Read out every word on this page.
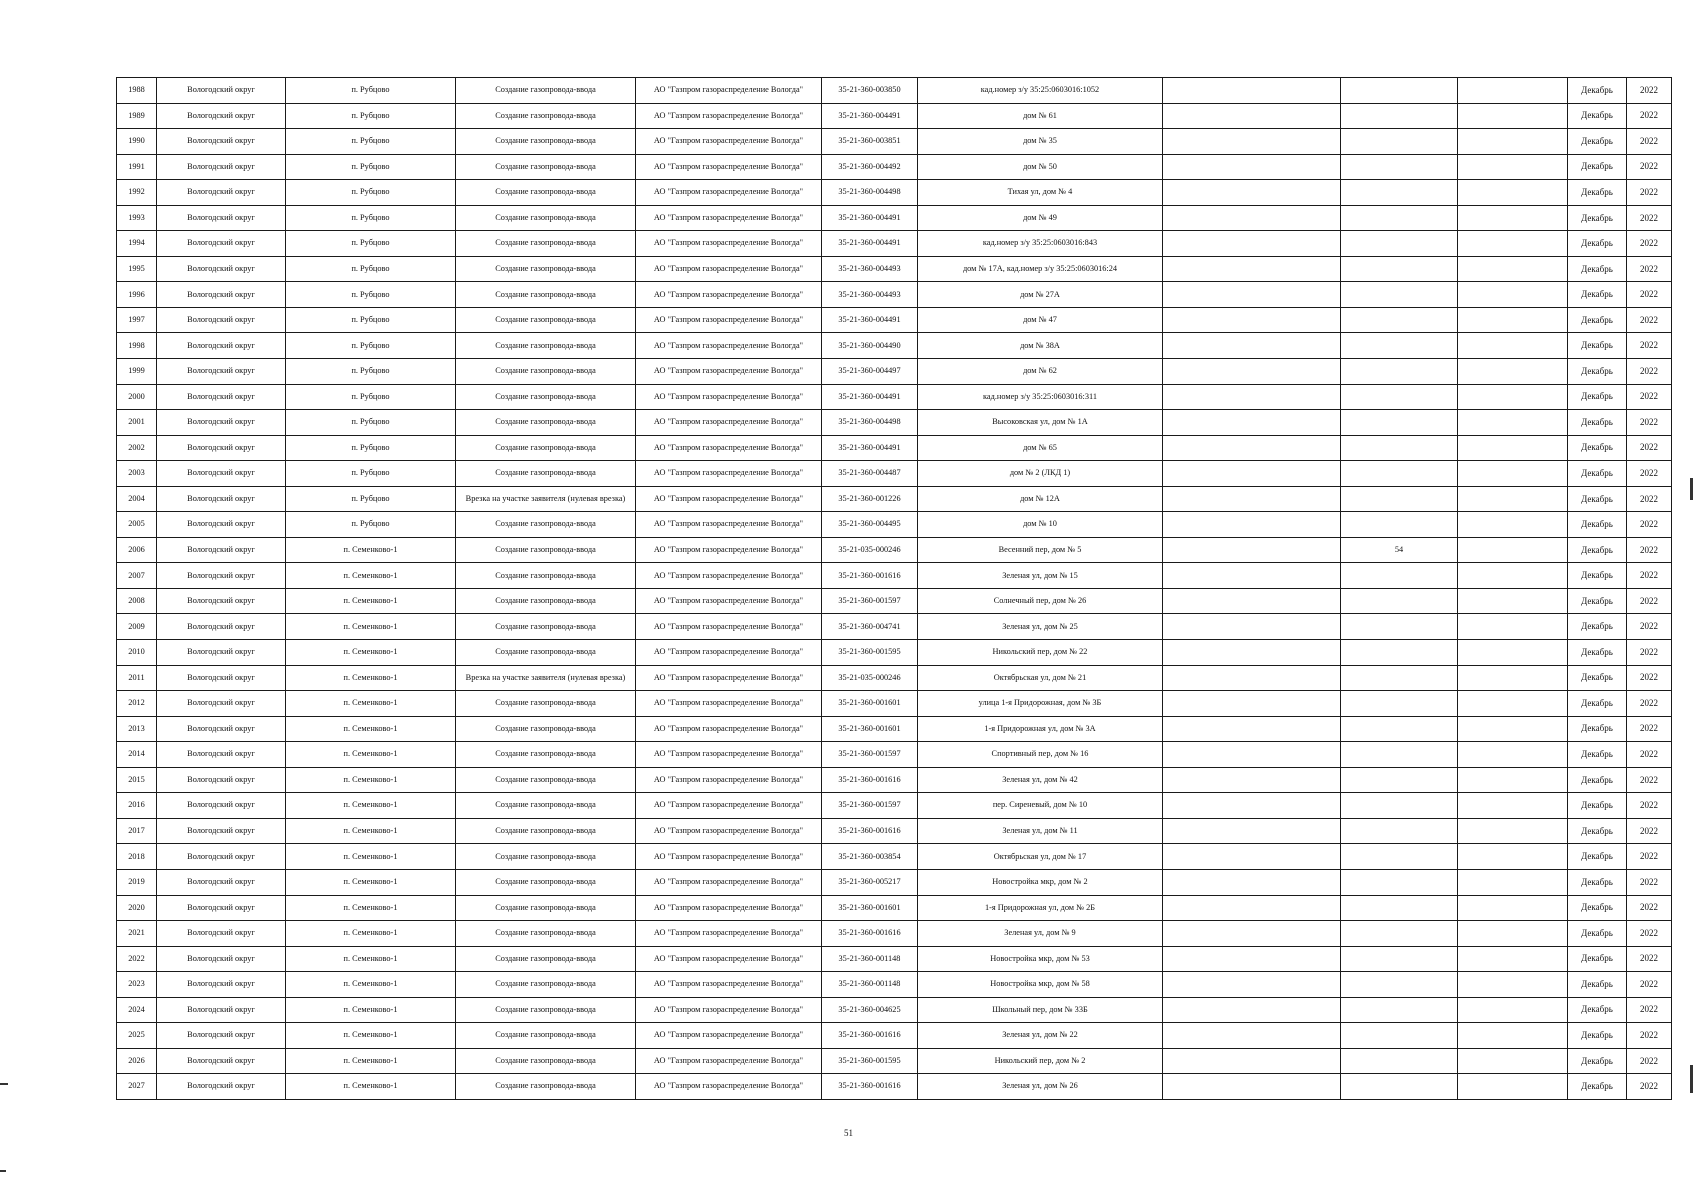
1988	Вологодский округ	п. Рубцово	Создание газопровода-ввода	АО "Газпром газораспределение Вологда"	35-21-360-003850	кад.номер з/у 35:25:0603016:1052				Декабрь	2022
1989	Вологодский округ	п. Рубцово	Создание газопровода-ввода	АО "Газпром газораспределение Вологда"	35-21-360-004491	дом № 61				Декабрь	2022
1990	Вологодский округ	п. Рубцово	Создание газопровода-ввода	АО "Газпром газораспределение Вологда"	35-21-360-003851	дом № 35				Декабрь	2022
1991	Вологодский округ	п. Рубцово	Создание газопровода-ввода	АО "Газпром газораспределение Вологда"	35-21-360-004492	дом № 50				Декабрь	2022
1992	Вологодский округ	п. Рубцово	Создание газопровода-ввода	АО "Газпром газораспределение Вологда"	35-21-360-004498	Тихая ул, дом № 4				Декабрь	2022
1993	Вологодский округ	п. Рубцово	Создание газопровода-ввода	АО "Газпром газораспределение Вологда"	35-21-360-004491	дом № 49				Декабрь	2022
1994	Вологодский округ	п. Рубцово	Создание газопровода-ввода	АО "Газпром газораспределение Вологда"	35-21-360-004491	кад.номер з/у 35:25:0603016:843				Декабрь	2022
1995	Вологодский округ	п. Рубцово	Создание газопровода-ввода	АО "Газпром газораспределение Вологда"	35-21-360-004493	дом № 17А, кад.номер з/у 35:25:0603016:24				Декабрь	2022
1996	Вологодский округ	п. Рубцово	Создание газопровода-ввода	АО "Газпром газораспределение Вологда"	35-21-360-004493	дом № 27А				Декабрь	2022
1997	Вологодский округ	п. Рубцово	Создание газопровода-ввода	АО "Газпром газораспределение Вологда"	35-21-360-004491	дом № 47				Декабрь	2022
1998	Вологодский округ	п. Рубцово	Создание газопровода-ввода	АО "Газпром газораспределение Вологда"	35-21-360-004490	дом № 38А				Декабрь	2022
1999	Вологодский округ	п. Рубцово	Создание газопровода-ввода	АО "Газпром газораспределение Вологда"	35-21-360-004497	дом № 62				Декабрь	2022
2000	Вологодский округ	п. Рубцово	Создание газопровода-ввода	АО "Газпром газораспределение Вологда"	35-21-360-004491	кад.номер з/у 35:25:0603016:311				Декабрь	2022
2001	Вологодский округ	п. Рубцово	Создание газопровода-ввода	АО "Газпром газораспределение Вологда"	35-21-360-004498	Высоковская ул, дом № 1А				Декабрь	2022
2002	Вологодский округ	п. Рубцово	Создание газопровода-ввода	АО "Газпром газораспределение Вологда"	35-21-360-004491	дом № 65				Декабрь	2022
2003	Вологодский округ	п. Рубцово	Создание газопровода-ввода	АО "Газпром газораспределение Вологда"	35-21-360-004487	дом № 2 (ЛКД 1)				Декабрь	2022
2004	Вологодский округ	п. Рубцово	Врезка на участке заявителя (нулевая врезка)	АО "Газпром газораспределение Вологда"	35-21-360-001226	дом № 12А				Декабрь	2022
2005	Вологодский округ	п. Рубцово	Создание газопровода-ввода	АО "Газпром газораспределение Вологда"	35-21-360-004495	дом № 10				Декабрь	2022
2006	Вологодский округ	п. Семенково-1	Создание газопровода-ввода	АО "Газпром газораспределение Вологда"	35-21-035-000246	Весенний пер, дом № 5		54		Декабрь	2022
2007	Вологодский округ	п. Семенково-1	Создание газопровода-ввода	АО "Газпром газораспределение Вологда"	35-21-360-001616	Зеленая ул, дом № 15				Декабрь	2022
2008	Вологодский округ	п. Семенково-1	Создание газопровода-ввода	АО "Газпром газораспределение Вологда"	35-21-360-001597	Солнечный пер, дом № 26				Декабрь	2022
2009	Вологодский округ	п. Семенково-1	Создание газопровода-ввода	АО "Газпром газораспределение Вологда"	35-21-360-004741	Зеленая ул, дом № 25				Декабрь	2022
2010	Вологодский округ	п. Семенково-1	Создание газопровода-ввода	АО "Газпром газораспределение Вологда"	35-21-360-001595	Никольский пер, дом № 22				Декабрь	2022
2011	Вологодский округ	п. Семенково-1	Врезка на участке заявителя (нулевая врезка)	АО "Газпром газораспределение Вологда"	35-21-035-000246	Октябрьская ул, дом № 21				Декабрь	2022
2012	Вологодский округ	п. Семенково-1	Создание газопровода-ввода	АО "Газпром газораспределение Вологда"	35-21-360-001601	улица 1-я Придорожная, дом № 3Б				Декабрь	2022
2013	Вологодский округ	п. Семенково-1	Создание газопровода-ввода	АО "Газпром газораспределение Вологда"	35-21-360-001601	1-я Придорожная ул, дом № 3А				Декабрь	2022
2014	Вологодский округ	п. Семенково-1	Создание газопровода-ввода	АО "Газпром газораспределение Вологда"	35-21-360-001597	Спортивный пер, дом № 16				Декабрь	2022
2015	Вологодский округ	п. Семенково-1	Создание газопровода-ввода	АО "Газпром газораспределение Вологда"	35-21-360-001616	Зеленая ул, дом № 42				Декабрь	2022
2016	Вологодский округ	п. Семенково-1	Создание газопровода-ввода	АО "Газпром газораспределение Вологда"	35-21-360-001597	пер. Сиреневый, дом № 10				Декабрь	2022
2017	Вологодский округ	п. Семенково-1	Создание газопровода-ввода	АО "Газпром газораспределение Вологда"	35-21-360-001616	Зеленая ул, дом № 11				Декабрь	2022
2018	Вологодский округ	п. Семенково-1	Создание газопровода-ввода	АО "Газпром газораспределение Вологда"	35-21-360-003854	Октябрьская ул, дом № 17				Декабрь	2022
2019	Вологодский округ	п. Семенково-1	Создание газопровода-ввода	АО "Газпром газораспределение Вологда"	35-21-360-005217	Новостройка мкр, дом № 2				Декабрь	2022
2020	Вологодский округ	п. Семенково-1	Создание газопровода-ввода	АО "Газпром газораспределение Вологда"	35-21-360-001601	1-я Придорожная ул, дом № 2Б				Декабрь	2022
2021	Вологодский округ	п. Семенково-1	Создание газопровода-ввода	АО "Газпром газораспределение Вологда"	35-21-360-001616	Зеленая ул, дом № 9				Декабрь	2022
2022	Вологодский округ	п. Семенково-1	Создание газопровода-ввода	АО "Газпром газораспределение Вологда"	35-21-360-001148	Новостройка мкр, дом № 53				Декабрь	2022
2023	Вологодский округ	п. Семенково-1	Создание газопровода-ввода	АО "Газпром газораспределение Вологда"	35-21-360-001148	Новостройка мкр, дом № 58				Декабрь	2022
2024	Вологодский округ	п. Семенково-1	Создание газопровода-ввода	АО "Газпром газораспределение Вологда"	35-21-360-004625	Школьный пер, дом № 33Б				Декабрь	2022
2025	Вологодский округ	п. Семенково-1	Создание газопровода-ввода	АО "Газпром газораспределение Вологда"	35-21-360-001616	Зеленая ул, дом № 22				Декабрь	2022
2026	Вологодский округ	п. Семенково-1	Создание газопровода-ввода	АО "Газпром газораспределение Вологда"	35-21-360-001595	Никольский пер, дом № 2				Декабрь	2022
2027	Вологодский округ	п. Семенково-1	Создание газопровода-ввода	АО "Газпром газораспределение Вологда"	35-21-360-001616	Зеленая ул, дом № 26				Декабрь	2022
51
